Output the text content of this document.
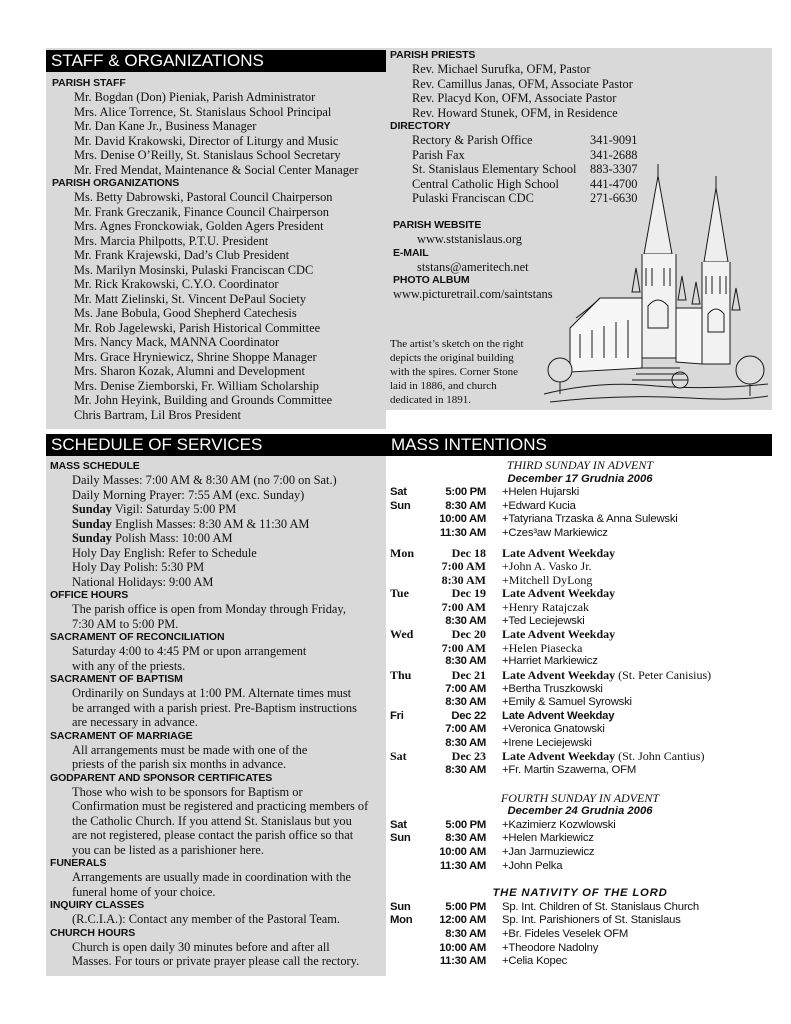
STAFF & ORGANIZATIONS
SCHEDULE OF SERVICES	MASS INTENTIONS
PARISH STAFF
Mr. Bogdan (Don) Pieniak, Parish Administrator
Mrs. Alice Torrence, St. Stanislaus School Principal
Mr. Dan Kane Jr., Business Manager
Mr. David Krakowski, Director of Liturgy and Music
Mrs. Denise O’Reilly, St. Stanislaus School Secretary
Mr. Fred Mendat, Maintenance & Social Center Manager
PARISH ORGANIZATIONS
Ms. Betty Dabrowski, Pastoral Council Chairperson
Mr. Frank Greczanik, Finance Council Chairperson
Mrs. Agnes Fronckowiak, Golden Agers President
Mrs. Marcia Philpotts, P.T.U. President
Mr. Frank Krajewski, Dad’s Club President
Ms. Marilyn Mosinski, Pulaski Franciscan CDC
Mr. Rick Krakowski, C.Y.O. Coordinator
Mr. Matt Zielinski, St. Vincent DePaul Society
Ms. Jane Bobula, Good Shepherd Catechesis
Mr. Rob Jagelewski, Parish Historical Committee
Mrs. Nancy Mack, MANNA Coordinator
Mrs. Grace Hryniewicz, Shrine Shoppe Manager
Mrs. Sharon Kozak, Alumni and Development
Mrs. Denise Ziemborski, Fr. William Scholarship
Mr. John Heyink, Building and Grounds Committee
Chris Bartram, Lil Bros President
PARISH PRIESTS
Rev. Michael Surufka, OFM, Pastor
Rev. Camillus Janas, OFM, Associate Pastor
Rev. Placyd Kon, OFM, Associate Pastor
Rev. Howard Stunek, OFM, in Residence
DIRECTORY
Rectory & Parish Office	341-9091
Parish Fax	341-2688
St. Stanislaus Elementary School	883-3307
Central Catholic High School	441-4700
Pulaski Franciscan CDC	271-6630
PARISH WEBSITE
www.ststanislaus.org
E-MAIL
ststans@ameritech.net
PHOTO ALBUM
www.picturetrail.com/saintstans
The artist’s sketch on the right
depicts the original building
with the spires. Corner Stone
laid in 1886, and church
dedicated in 1891.
MASS SCHEDULE
Daily Masses: 7:00 AM & 8:30 AM (no 7:00 on Sat.)
Daily Morning Prayer: 7:55 AM (exc. Sunday)
Sunday Vigil: Saturday 5:00 PM
Sunday English Masses: 8:30 AM & 11:30 AM
Sunday Polish Mass: 10:00 AM
Holy Day English: Refer to Schedule
Holy Day Polish: 5:30 PM
National Holidays: 9:00 AM
OFFICE HOURS
The parish office is open from Monday through Friday,
7:30 AM to 5:00 PM.
SACRAMENT OF RECONCILIATION
Saturday 4:00 to 4:45 PM or upon arrangement
with any of the priests.
SACRAMENT OF BAPTISM
Ordinarily on Sundays at 1:00 PM. Alternate times must
be arranged with a parish priest. Pre-Baptism instructions
are necessary in advance.
SACRAMENT OF MARRIAGE
All arrangements must be made with one of the
priests of the parish six months in advance.
GODPARENT AND SPONSOR CERTIFICATES
Those who wish to be sponsors for Baptism or
Confirmation must be registered and practicing members of
the Catholic Church. If you attend St. Stanislaus but you
are not registered, please contact the parish office so that
you can be listed as a parishioner here.
FUNERALS
Arrangements are usually made in coordination with the
funeral home of your choice.
INQUIRY CLASSES
(R.C.I.A.): Contact any member of the Pastoral Team.
CHURCH HOURS
Church is open daily 30 minutes before and after all
Masses. For tours or private prayer please call the rectory.
THIRD SUNDAY IN ADVENT
December 17 Grudnia 2006
Sat	5:00 PM	+Helen Hujarski
Sun	8:30 AM	+Edward Kucia
10:00 AM	+Tatyriana Trzaska & Anna Sulewski
11:30 AM	+Czes³aw Markiewicz
Mon	Dec 18	Late Advent Weekday
7:00 AM	+John A. Vasko Jr.
8:30 AM	+Mitchell DyLong
Tue	Dec 19	Late Advent Weekday
7:00 AM	+Henry Ratajczak
8:30 AM	+Ted Leciejewski
Wed	Dec 20	Late Advent Weekday
7:00 AM	+Helen Piasecka
8:30 AM	+Harriet Markiewicz
Thu	Dec 21	Late Advent Weekday (St. Peter Canisius)
7:00 AM	+Bertha Truszkowski
8:30 AM	+Emily & Samuel Syrowski
Fri	Dec 22	Late Advent Weekday
7:00 AM	+Veronica Gnatowski
8:30 AM	+Irene Leciejewski
Sat	Dec 23	Late Advent Weekday (St. John Cantius)
8:30 AM	+Fr. Martin Szawerna, OFM
FOURTH SUNDAY IN ADVENT
December 24 Grudnia 2006
Sat	5:00 PM	+Kazimierz Kozwlowski
Sun	8:30 AM	+Helen Markiewicz
10:00 AM	+Jan Jarmuziewicz
11:30 AM	+John Pelka
THE NATIVITY OF THE LORD
Sun	5:00 PM	Sp. Int. Children of St. Stanislaus Church
Mon	12:00 AM	Sp. Int. Parishioners of St. Stanislaus
8:30 AM	+Br. Fideles Veselek OFM
10:00 AM	+Theodore Nadolny
11:30 AM	+Celia Kopec
